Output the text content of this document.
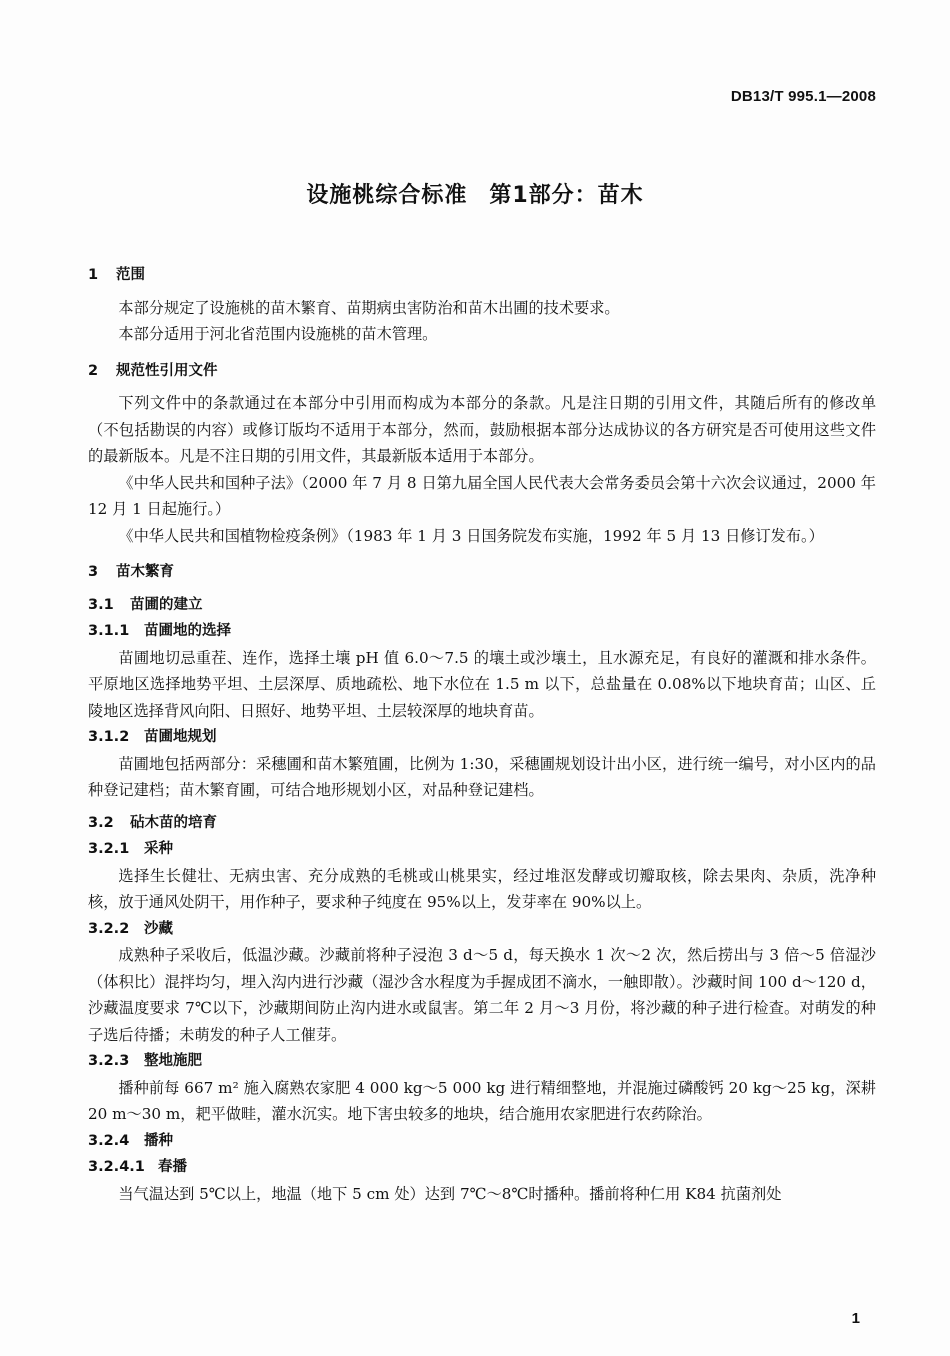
DB13/T 995.1—2008
设施桃综合标准 第1部分：苗木
1 范围
本部分规定了设施桃的苗木繁育、苗期病虫害防治和苗木出圃的技术要求。
本部分适用于河北省范围内设施桃的苗木管理。
2 规范性引用文件
下列文件中的条款通过在本部分中引用而构成为本部分的条款。凡是注日期的引用文件，其随后所有的修改单（不包括勘误的内容）或修订版均不适用于本部分，然而，鼓励根据本部分达成协议的各方研究是否可使用这些文件的最新版本。凡是不注日期的引用文件，其最新版本适用于本部分。
《中华人民共和国种子法》（2000 年 7 月 8 日第九届全国人民代表大会常务委员会第十六次会议通过，2000 年 12 月 1 日起施行。）
《中华人民共和国植物检疫条例》（1983 年 1 月 3 日国务院发布实施，1992 年 5 月 13 日修订发布。）
3 苗木繁育
3.1 苗圃的建立
3.1.1 苗圃地的选择
苗圃地切忌重茬、连作，选择土壤 pH 值 6.0～7.5 的壤土或沙壤土，且水源充足，有良好的灌溉和排水条件。平原地区选择地势平坦、土层深厚、质地疏松、地下水位在 1.5 m 以下，总盐量在 0.08%以下地块育苗；山区、丘陵地区选择背风向阳、日照好、地势平坦、土层较深厚的地块育苗。
3.1.2 苗圃地规划
苗圃地包括两部分：采穗圃和苗木繁殖圃，比例为 1:30，采穗圃规划设计出小区，进行统一编号，对小区内的品种登记建档；苗木繁育圃，可结合地形规划小区，对品种登记建档。
3.2 砧木苗的培育
3.2.1 采种
选择生长健壮、无病虫害、充分成熟的毛桃或山桃果实，经过堆沤发酵或切瓣取核，除去果肉、杂质，洗净种核，放于通风处阴干，用作种子，要求种子纯度在 95%以上，发芽率在 90%以上。
3.2.2 沙藏
成熟种子采收后，低温沙藏。沙藏前将种子浸泡 3 d～5 d，每天换水 1 次～2 次，然后捞出与 3 倍～5 倍湿沙（体积比）混拌均匀，埋入沟内进行沙藏（湿沙含水程度为手握成团不滴水，一触即散）。沙藏时间 100 d～120 d，沙藏温度要求 7℃以下，沙藏期间防止沟内进水或鼠害。第二年 2 月～3 月份，将沙藏的种子进行检查。对萌发的种子选后待播；未萌发的种子人工催芽。
3.2.3 整地施肥
播种前每 667 m² 施入腐熟农家肥 4 000 kg～5 000 kg 进行精细整地，并混施过磷酸钙 20 kg～25 kg，深耕 20 m～30 m，耙平做畦，灌水沉实。地下害虫较多的地块，结合施用农家肥进行农药除治。
3.2.4 播种
3.2.4.1 春播
当气温达到 5℃以上，地温（地下 5 cm 处）达到 7℃～8℃时播种。播前将种仁用 K84 抗菌剂处
1
